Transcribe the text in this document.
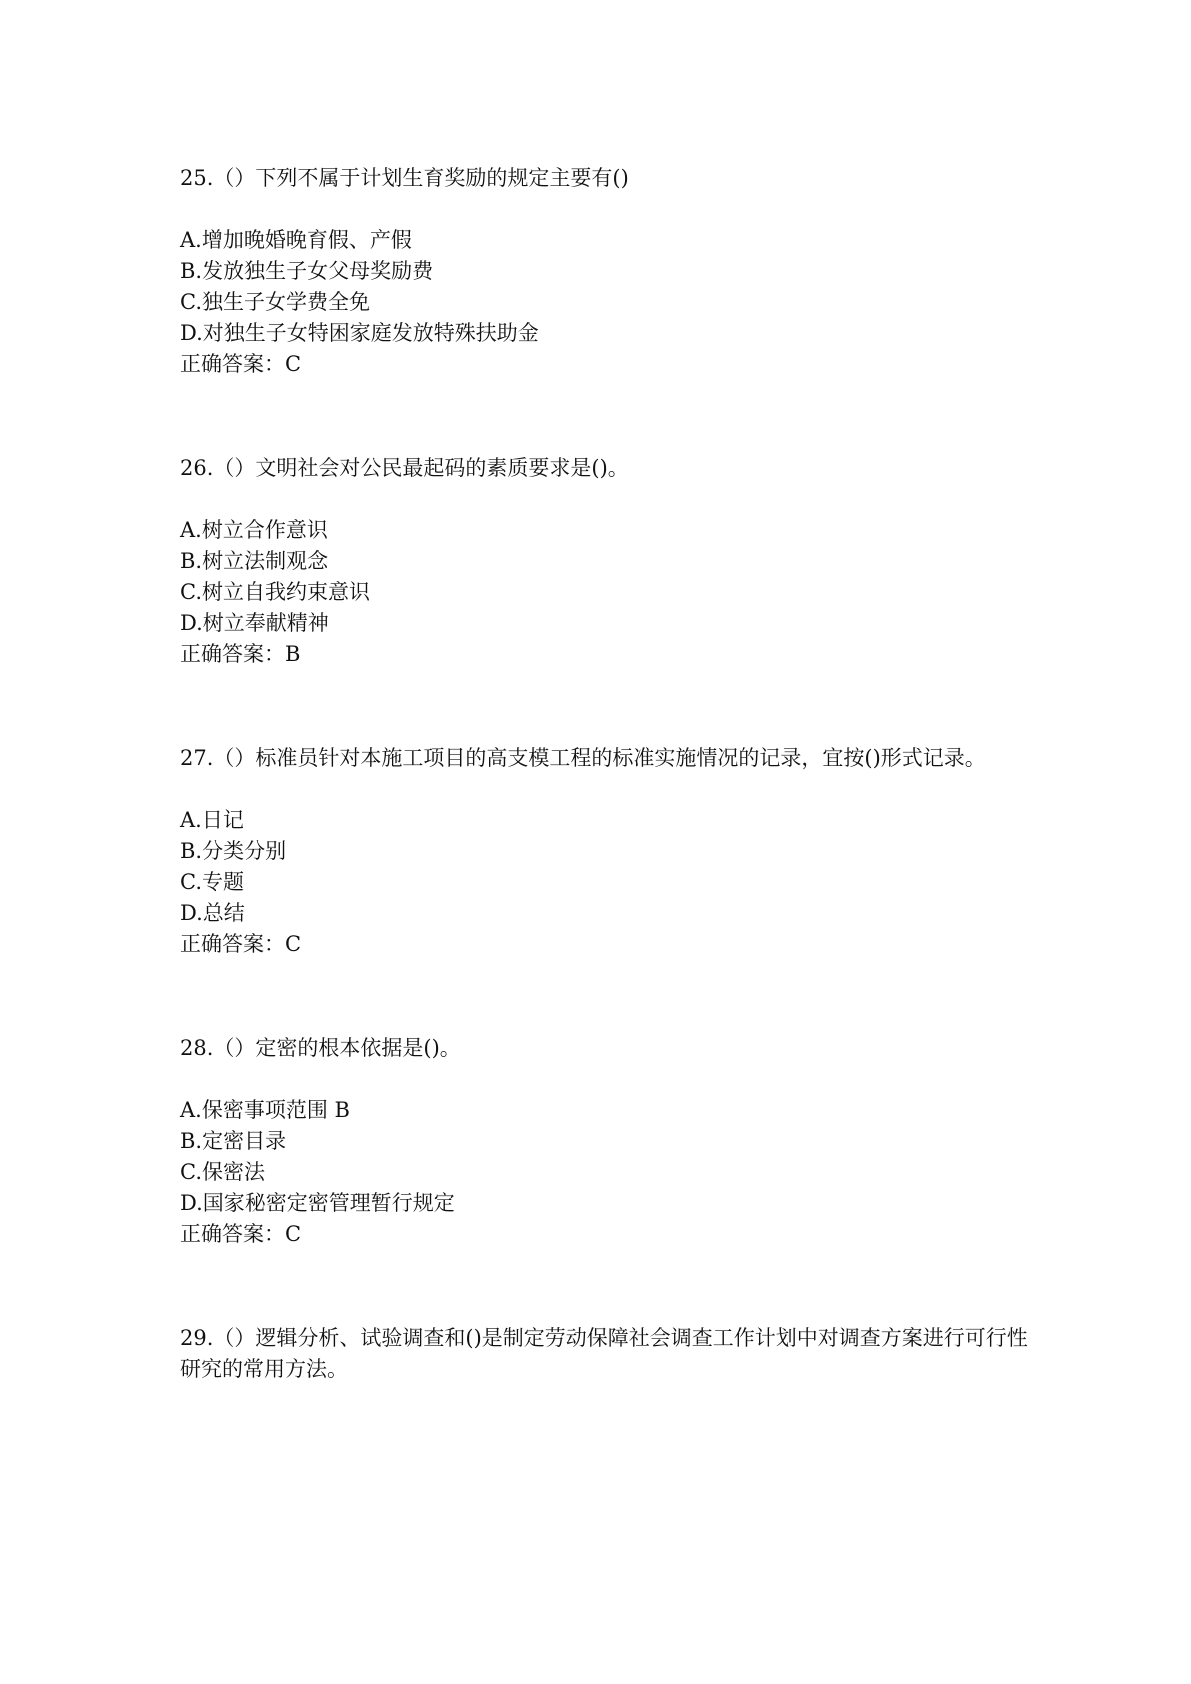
25.（）下列不属于计划生育奖励的规定主要有()

A.增加晚婚晚育假、产假
B.发放独生子女父母奖励费
C.独生子女学费全免
D.对独生子女特困家庭发放特殊扶助金

正确答案：C

26.（）文明社会对公民最起码的素质要求是()。

A.树立合作意识
B.树立法制观念
C.树立自我约束意识
D.树立奉献精神

正确答案：B

27.（）标准员针对本施工项目的高支模工程的标准实施情况的记录，宜按()形式记录。

A.日记
B.分类分别
C.专题
D.总结

正确答案：C

28.（）定密的根本依据是()。

A.保密事项范围 B
B.定密目录
C.保密法
D.国家秘密定密管理暂行规定

正确答案：C

29.（）逻辑分析、试验调查和()是制定劳动保障社会调查工作计划中对调查方案进行可行性研究的常用方法。
